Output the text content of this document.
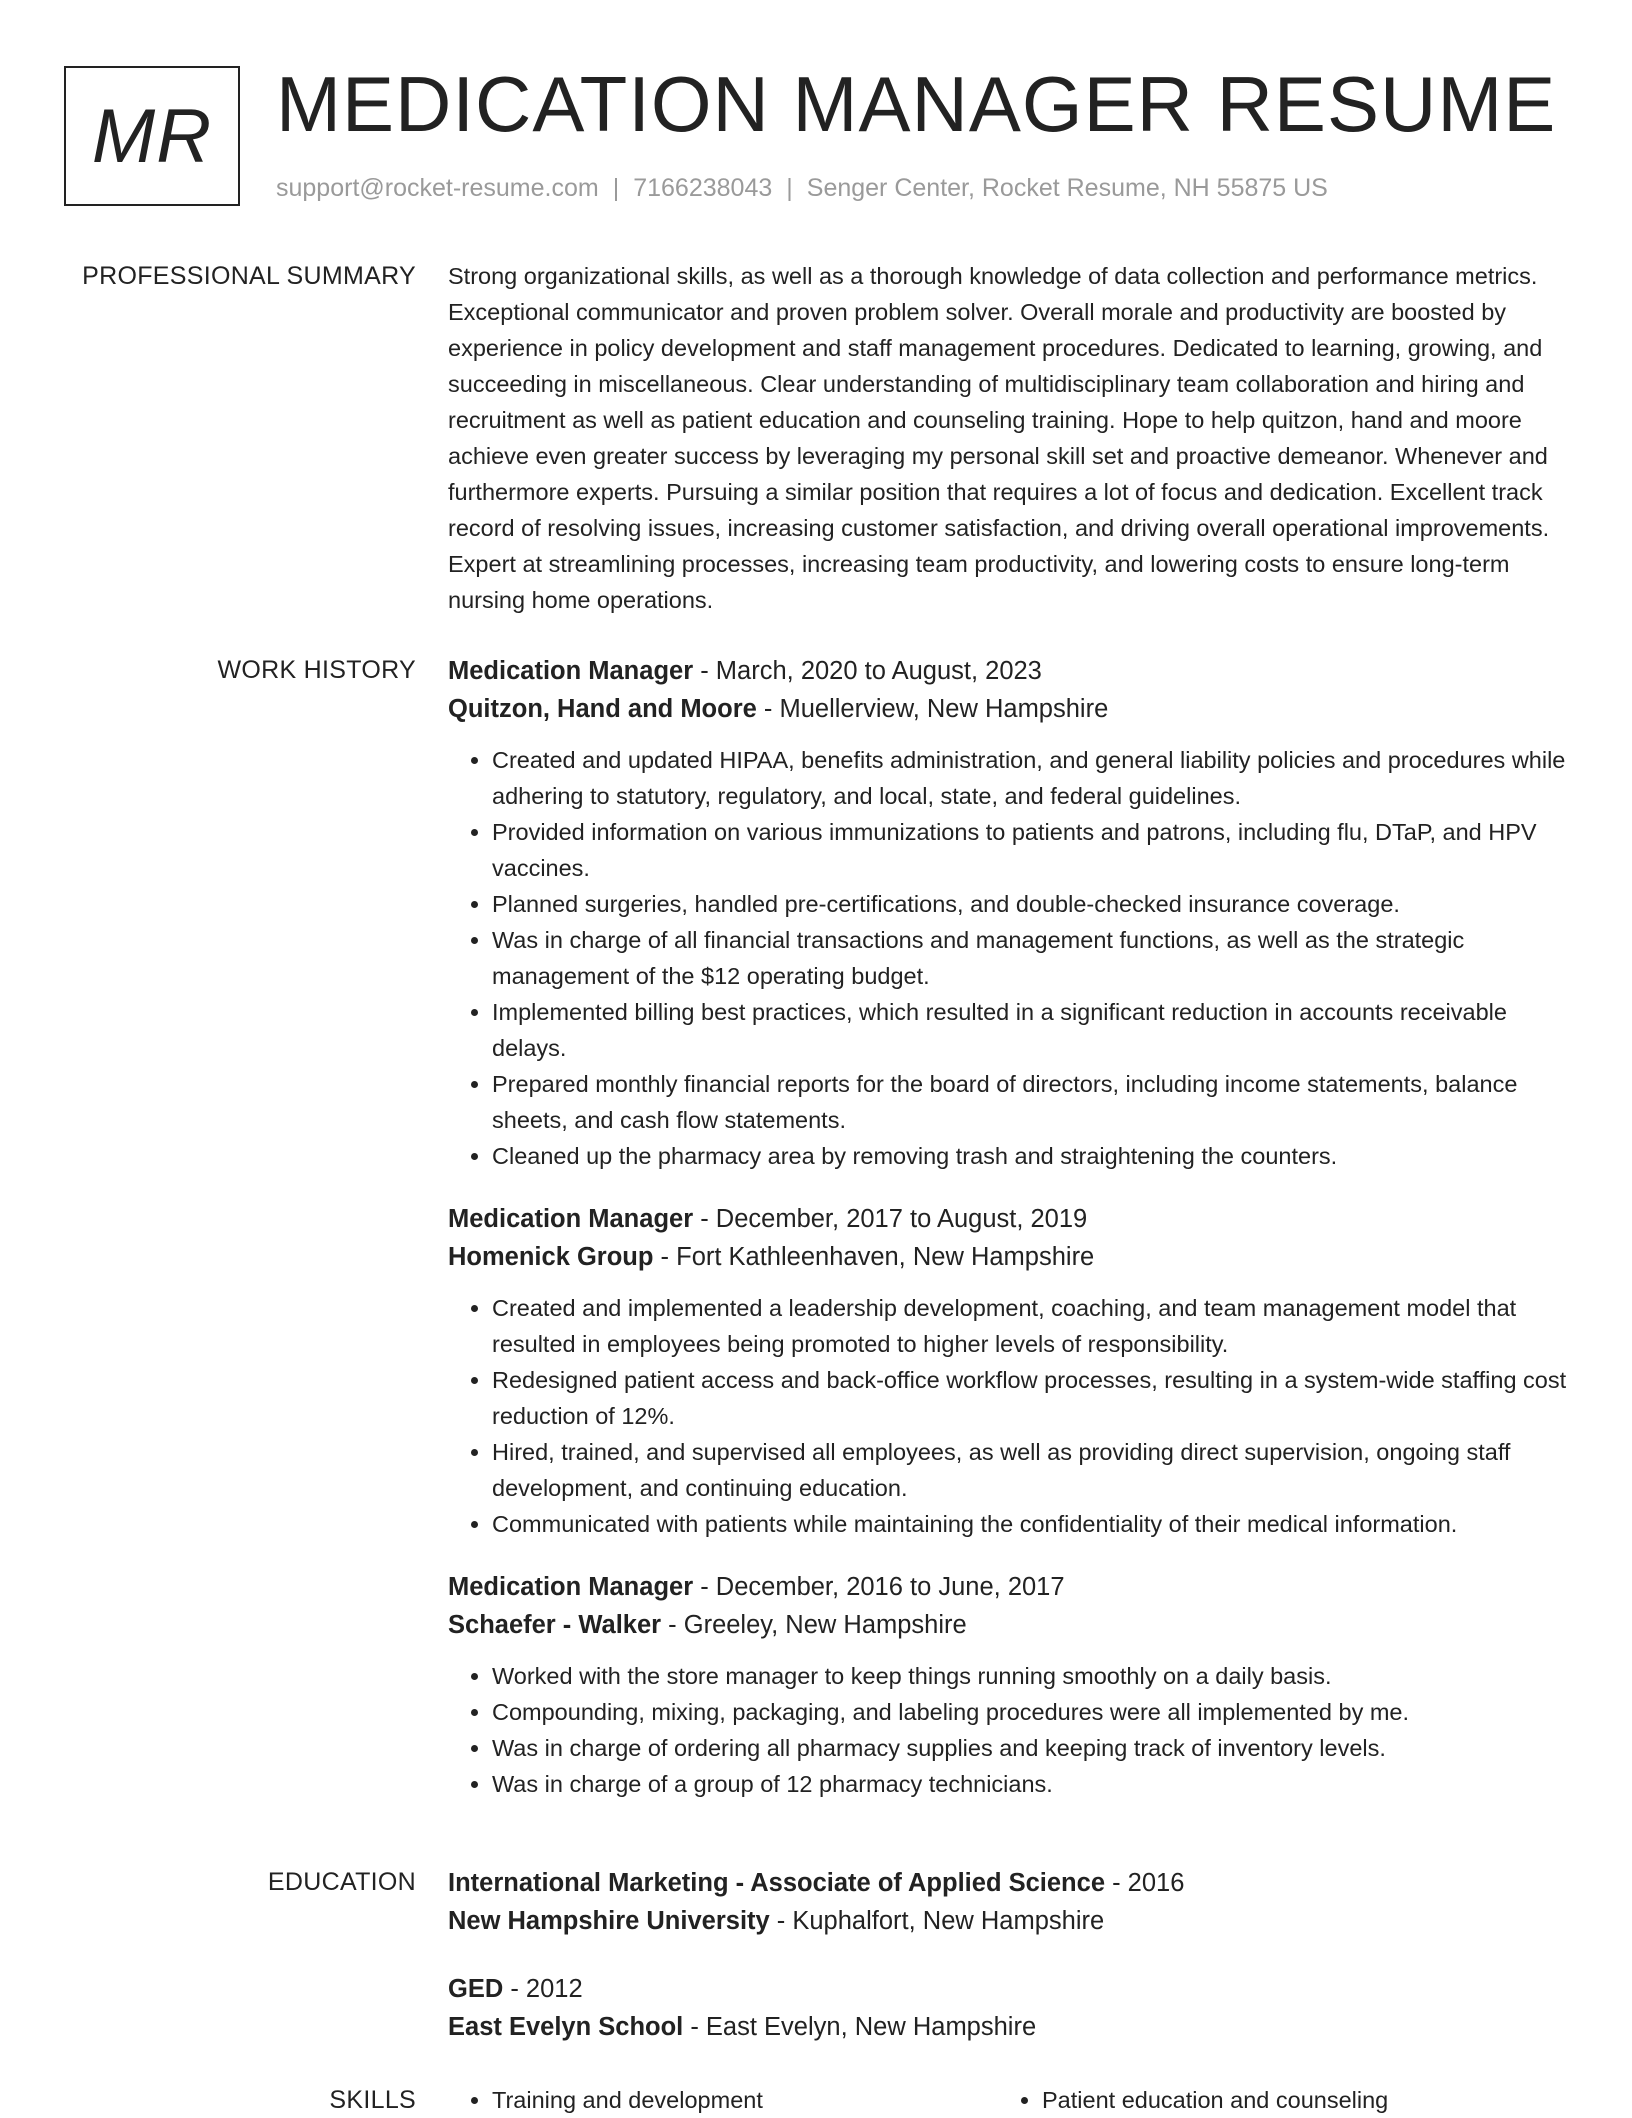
MR MEDICATION MANAGER RESUME
support@rocket-resume.com | 7166238043 | Senger Center, Rocket Resume, NH 55875 US
PROFESSIONAL SUMMARY Strong organizational skills, as well as a thorough knowledge of data collection and performance metrics. Exceptional communicator and proven problem solver. Overall morale and productivity are boosted by experience in policy development and staff management procedures. Dedicated to learning, growing, and succeeding in miscellaneous. Clear understanding of multidisciplinary team collaboration and hiring and recruitment as well as patient education and counseling training. Hope to help quitzon, hand and moore achieve even greater success by leveraging my personal skill set and proactive demeanor. Whenever and furthermore experts. Pursuing a similar position that requires a lot of focus and dedication. Excellent track record of resolving issues, increasing customer satisfaction, and driving overall operational improvements. Expert at streamlining processes, increasing team productivity, and lowering costs to ensure long-term nursing home operations.

WORK HISTORY Medication Manager - March, 2020 to August, 2023
Quitzon, Hand and Moore - Muellerview, New Hampshire
• Created and updated HIPAA, benefits administration, and general liability policies and procedures while adhering to statutory, regulatory, and local, state, and federal guidelines.
• Provided information on various immunizations to patients and patrons, including flu, DTaP, and HPV vaccines.
• Planned surgeries, handled pre-certifications, and double-checked insurance coverage.
• Was in charge of all financial transactions and management functions, as well as the strategic management of the $12 operating budget.
• Implemented billing best practices, which resulted in a significant reduction in accounts receivable delays.
• Prepared monthly financial reports for the board of directors, including income statements, balance sheets, and cash flow statements.
• Cleaned up the pharmacy area by removing trash and straightening the counters.
Medication Manager - December, 2017 to August, 2019
Homenick Group - Fort Kathleenhaven, New Hampshire
• Created and implemented a leadership development, coaching, and team management model that resulted in employees being promoted to higher levels of responsibility.
• Redesigned patient access and back-office workflow processes, resulting in a system-wide staffing cost reduction of 12%.
• Hired, trained, and supervised all employees, as well as providing direct supervision, ongoing staff development, and continuing education.
• Communicated with patients while maintaining the confidentiality of their medical information.
Medication Manager - December, 2016 to June, 2017
Schaefer - Walker - Greeley, New Hampshire
• Worked with the store manager to keep things running smoothly on a daily basis.
• Compounding, mixing, packaging, and labeling procedures were all implemented by me.
• Was in charge of ordering all pharmacy supplies and keeping track of inventory levels.
• Was in charge of a group of 12 pharmacy technicians.
EDUCATION International Marketing - Associate of Applied Science - 2016
New Hampshire University - Kuphalfort, New Hampshire
GED - 2012
East Evelyn School - East Evelyn, New Hampshire
SKILLS	• Training and development	• Patient education and counseling
